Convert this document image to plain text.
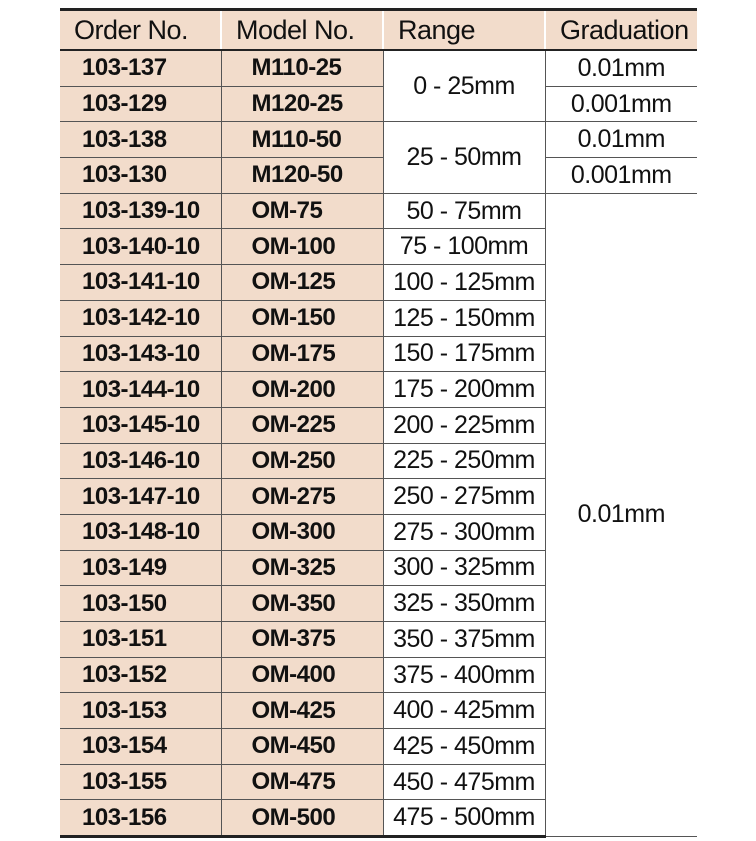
Order No.	Model No.	Range	Graduation
103-137	M110-25	0 - 25mm	0.01mm
103-129	M120-25		0.001mm
103-138	M110-50	25 - 50mm	0.01mm
103-130	M120-50		0.001mm
103-139-10	OM-75	50 - 75mm	0.01mm
103-140-10	OM-100	75 - 100mm	
103-141-10	OM-125	100 - 125mm	
103-142-10	OM-150	125 - 150mm	
103-143-10	OM-175	150 - 175mm	
103-144-10	OM-200	175 - 200mm	
103-145-10	OM-225	200 - 225mm	
103-146-10	OM-250	225 - 250mm	
103-147-10	OM-275	250 - 275mm	
103-148-10	OM-300	275 - 300mm	
103-149	OM-325	300 - 325mm	
103-150	OM-350	325 - 350mm	
103-151	OM-375	350 - 375mm	
103-152	OM-400	375 - 400mm	
103-153	OM-425	400 - 425mm	
103-154	OM-450	425 - 450mm	
103-155	OM-475	450 - 475mm	
103-156	OM-500	475 - 500mm	
